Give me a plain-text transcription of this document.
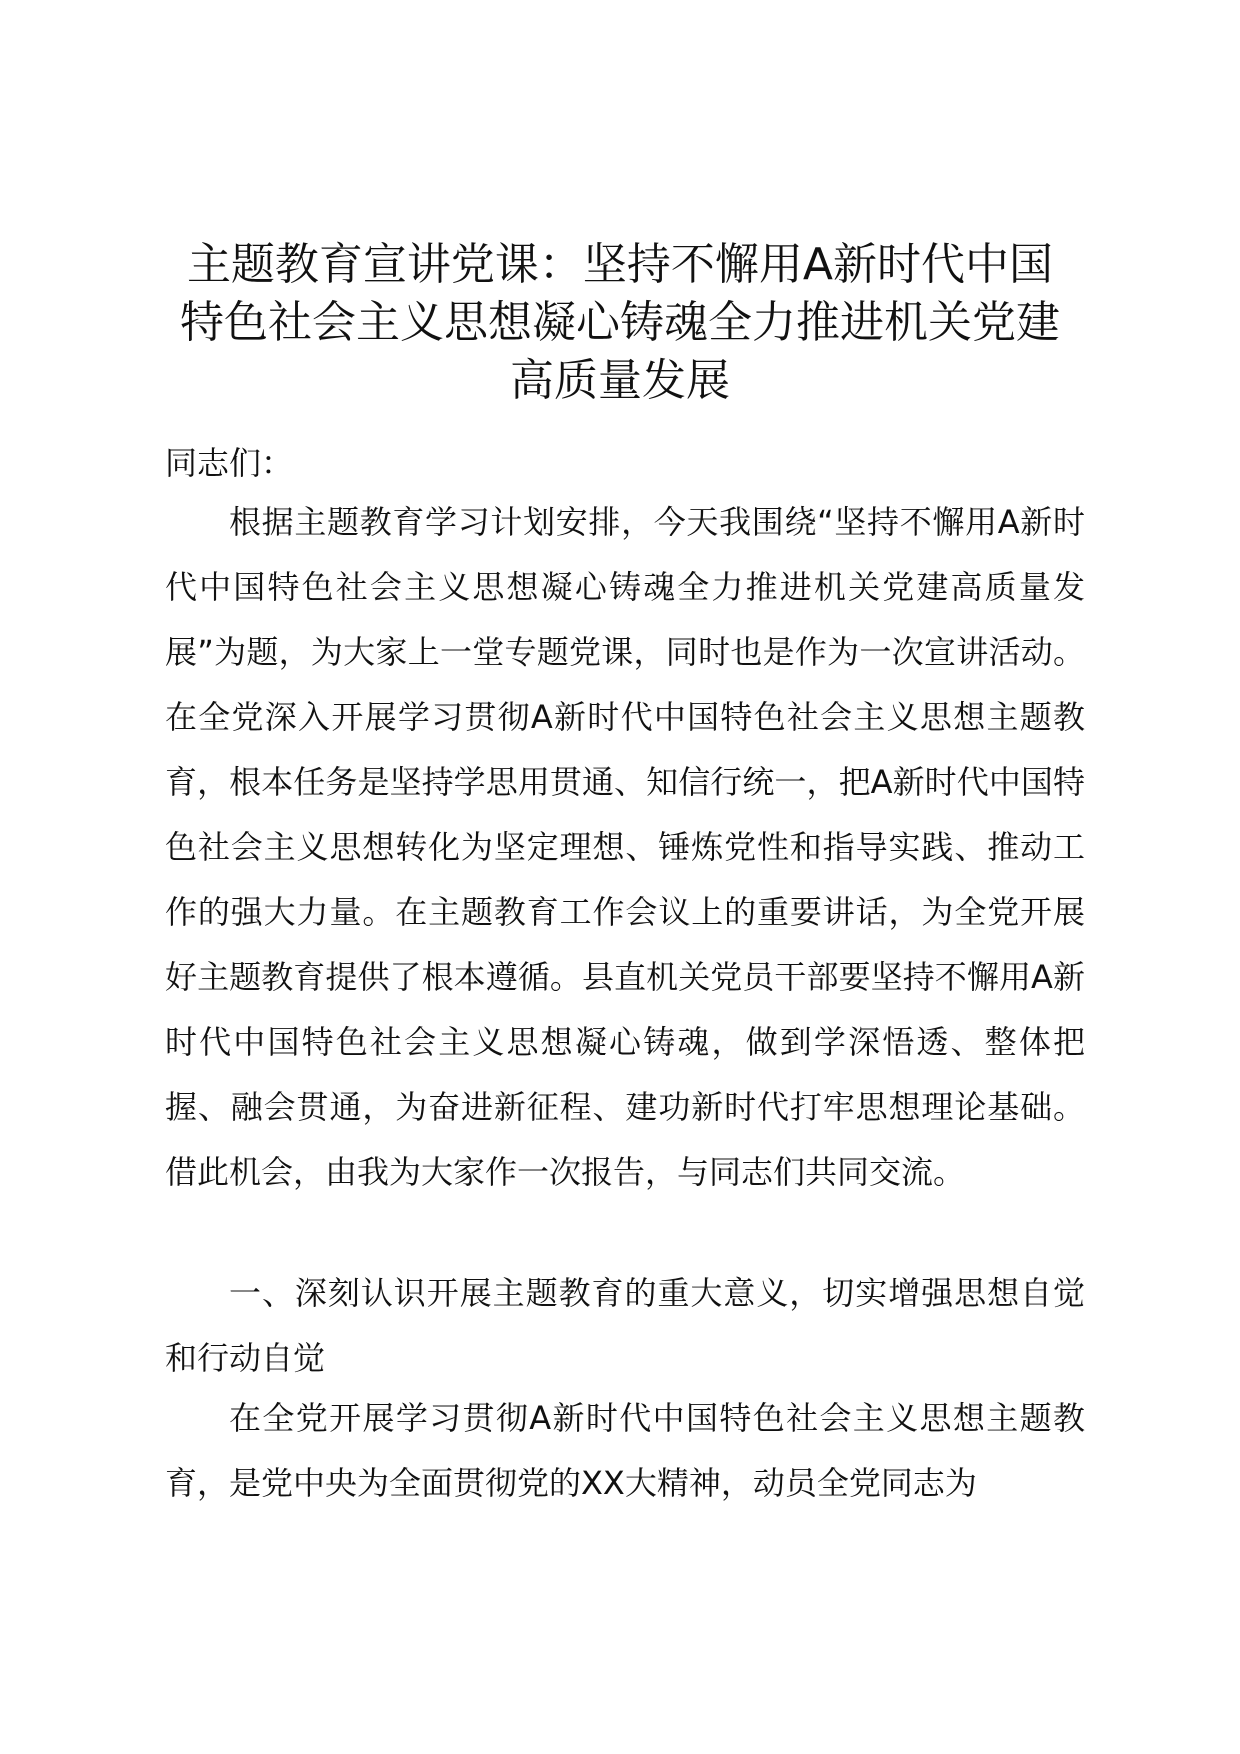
主题教育宣讲党课：坚持不懈用A新时代中国
特色社会主义思想凝心铸魂全力推进机关党建
高质量发展

同志们：

根据主题教育学习计划安排，今天我围绕“坚持不懈用A新时代中国特色社会主义思想凝心铸魂全力推进机关党建高质量发展”为题，为大家上一堂专题党课，同时也是作为一次宣讲活动。在全党深入开展学习贯彻A新时代中国特色社会主义思想主题教育，根本任务是坚持学思用贯通、知信行统一，把A新时代中国特色社会主义思想转化为坚定理想、锤炼党性和指导实践、推动工作的强大力量。在主题教育工作会议上的重要讲话，为全党开展好主题教育提供了根本遵循。县直机关党员干部要坚持不懈用A新时代中国特色社会主义思想凝心铸魂，做到学深悟透、整体把握、融会贯通，为奋进新征程、建功新时代打牢思想理论基础。借此机会，由我为大家作一次报告，与同志们共同交流。

一、深刻认识开展主题教育的重大意义，切实增强思想自觉和行动自觉

在全党开展学习贯彻A新时代中国特色社会主义思想主题教育，是党中央为全面贯彻党的XX大精神，动员全党同志为
